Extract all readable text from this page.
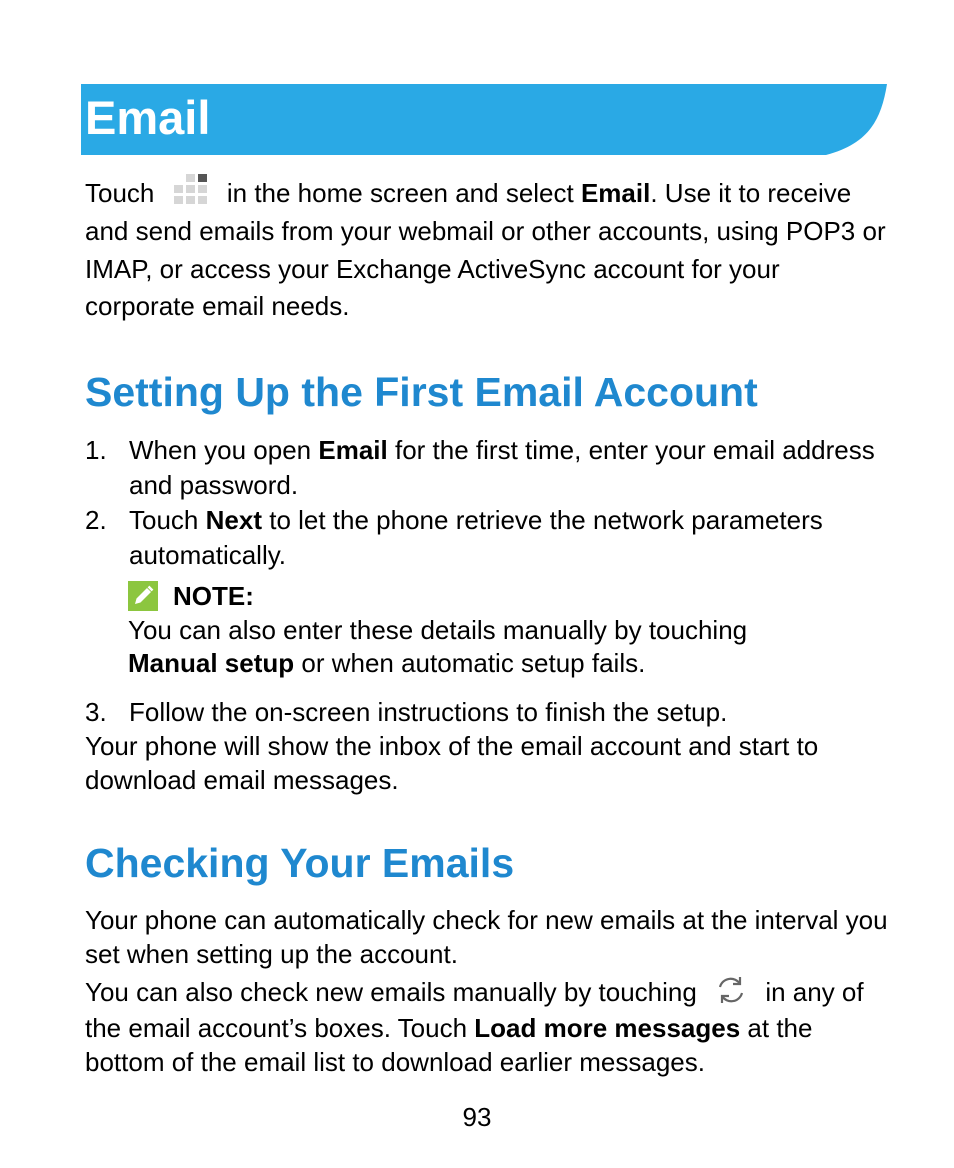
Email

Touch	in the home screen and select Email. Use it to receive and send emails from your webmail or other accounts, using POP3 or IMAP, or access your Exchange ActiveSync account for your corporate email needs.

Setting Up the First Email Account
1. When you open Email for the first time, enter your email address and password.
2. Touch Next to let the phone retrieve the network parameters automatically.
NOTE:
You can also enter these details manually by touching
Manual setup or when automatic setup fails.
3. Follow the on-screen instructions to finish the setup.

Your phone will show the inbox of the email account and start to download email messages.

Checking Your Emails

Your phone can automatically check for new emails at the interval you set when setting up the account.

You can also check new emails manually by touching	in any of the email account’s boxes. Touch Load more messages at the bottom of the email list to download earlier messages.

93
